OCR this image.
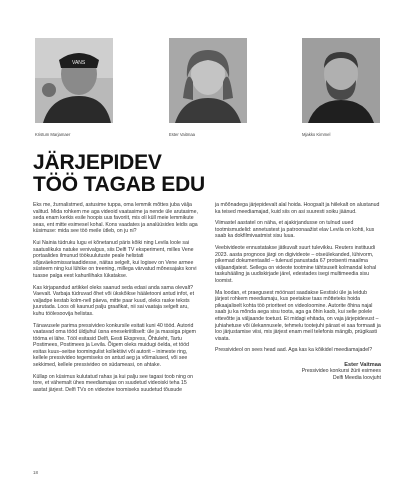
VANS
Kristum Marjamaer	Ester Vaitmaa	Mjakko Kimmel
JÄRJEPIDEV
TÖÖ TAGAB EDU

Eks me, žurnalistmed, astusime tuppa, oma lemmik mõttes juba välja valitud. Mida rohkem me aga videoid vaatasime ja nende üle arutasime, seda enam kerkis esile hoopis uus favoriit, mis oli küll meie lemmikute seas, ent mitte esimesel kohal. Kons vaadates ja analüüsides leidis aga küsimuse: mida see töö meile ütleb, on ju ni?

Kui Nainia tüdruku lugu ei kõnetanud päris kõiki ning Levila loole sai saatuslikuks natuke venivalgus, siis Delfi TV eksperiment, milles Vene portaalides ilmunud töökuulutuste peale helistati sõjaväekomissariaadidesse, näitas selgelt, kui logisev on Vene armee süsteem ning kui lühike on treening, millega värvatud mõnesajaks korvi tuasse palga eest kahurilihaks lükatakse.

Kas kirjapandud artikkel oleks saanud seda edasi anda sama olevalt? Vaevalt. Varbaja tüdruvad õhet või ükskõikse hääletooni antud infot, et valjadpe kestab kolm-nell päeva, mitte paar kuud, oleks raske teksts juurutada. Loos oli kaunud palju graafikat, nii sai vaataja selgelt aru, kuhu töölesoovija helistas.

Tänavusele parima pressivideo konkursile esitati kuni 40 tööd. Autorid vaatavad oma tööd üldjuhul üsna enesekriitiliselt: üle ja massiga pigem tööma ei lähe. Tööl esitasid Delfi, Eesti Ekspress, Õhtuleht, Tartu Postimees, Postimees ja Levila. Õigem oleks muidugi öelda, et tööd esitas kuus–seitse toomingulist kollektiivi või autorit – inimeste ring, kellele pressivideo tegemiseks on antud aeg ja võimalused, või see sekkimed, kellele pressivideo on südameasi, on ahtake.

Küllap on küsimus kulutatud rahas ja kui palju see tagasi toob ning on tore, et vähemalt ühes meediamajas on suudetud videoiski teha 15 aastat järjest. Delfi TVs on videotee toomiseks suudetud tõusude

ja mõõnadega järjepidevalt alal hoida. Hoogsalt ja hiilekalt on alustanud ka teised meediamajad, kuid siis on asi suuresti soiku jäänud.

Viimastel aastatel on näha, et ajakirjandusse on tulnud uued tootmismudelid: annetustest ja patroonaažist elav Levila on kohti, kus saab ka dokfilmivaatmist sisu luua.

Veebivideote ennustatakse jätkuvalt suurt tulevikku. Reuters instituudi 2023. aasta prognoos järgi on digivideote – otseülekanded, lühivorm, pikemad dokumentaalid – tulenud panustada 67 protsenti maailma väljaandjatest. Sellega on videote tootmine tähtsuselt kolmandal kohal taskuhääling ja uudiskirjade järel, edestades isegi multimeedia sisu loomist.

Ma loodan, et praegusest möönast saadakse Eestiski üle ja leidub järjest rohkem meediamaju, kus peetakse taas mõtteteks hoida pikaajaliselt kohta töö prioriteet on videoloomine. Autorite õhina najal saab ju ka mõnda aega sisu toota, aga ga õhin kaob, kui selle polele ettevõtte ja väljaande toetust. Et midagi ehitada, on vaja järjepidevust – juhiahetuse või ülekannusele, tehmelu tootejuhi pärast ei saa formaati ja loo järjustamise viisi, mis järjest enam meil telefonis mängib, prügikasti visata.

Pressivideol on sees head aad. Aga kas ka kõikidel meediamajadel?

Ester Vaitmaa
Pressivideo konkursi žürii esimees
Delfi Meedia loovjuht
18
